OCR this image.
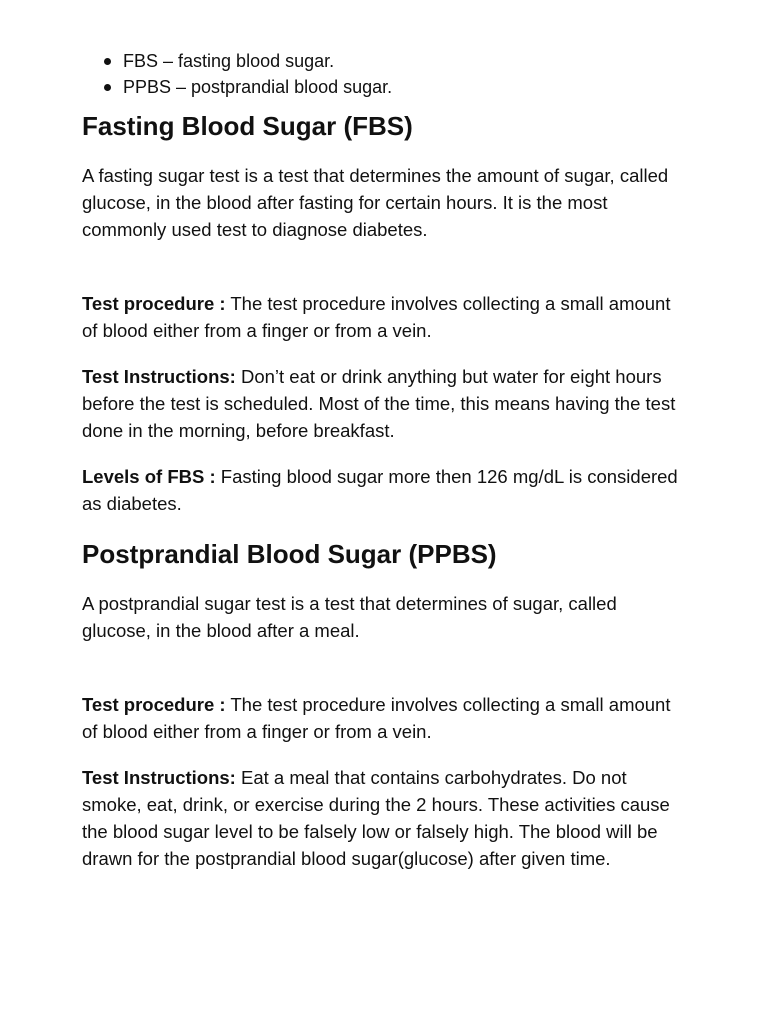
FBS – fasting blood sugar.
PPBS – postprandial blood sugar.
Fasting Blood Sugar (FBS)

A fasting sugar test is a test that determines the amount of sugar, called glucose, in the blood after fasting for certain hours. It is the most commonly used test to diagnose diabetes.

Test procedure : The test procedure involves collecting a small amount of blood either from a finger or from a vein.

Test Instructions: Don’t eat or drink anything but water for eight hours before the test is scheduled. Most of the time, this means having the test done in the morning, before breakfast.

Levels of FBS : Fasting blood sugar more then 126 mg/dL is considered as diabetes.

Postprandial Blood Sugar (PPBS)

A postprandial sugar test is a test that determines of sugar, called glucose, in the blood after a meal.

Test procedure : The test procedure involves collecting a small amount of blood either from a finger or from a vein.

Test Instructions: Eat a meal that contains carbohydrates. Do not smoke, eat, drink, or exercise during the 2 hours. These activities cause the blood sugar level to be falsely low or falsely high. The blood will be drawn for the postprandial blood sugar(glucose) after given time.
